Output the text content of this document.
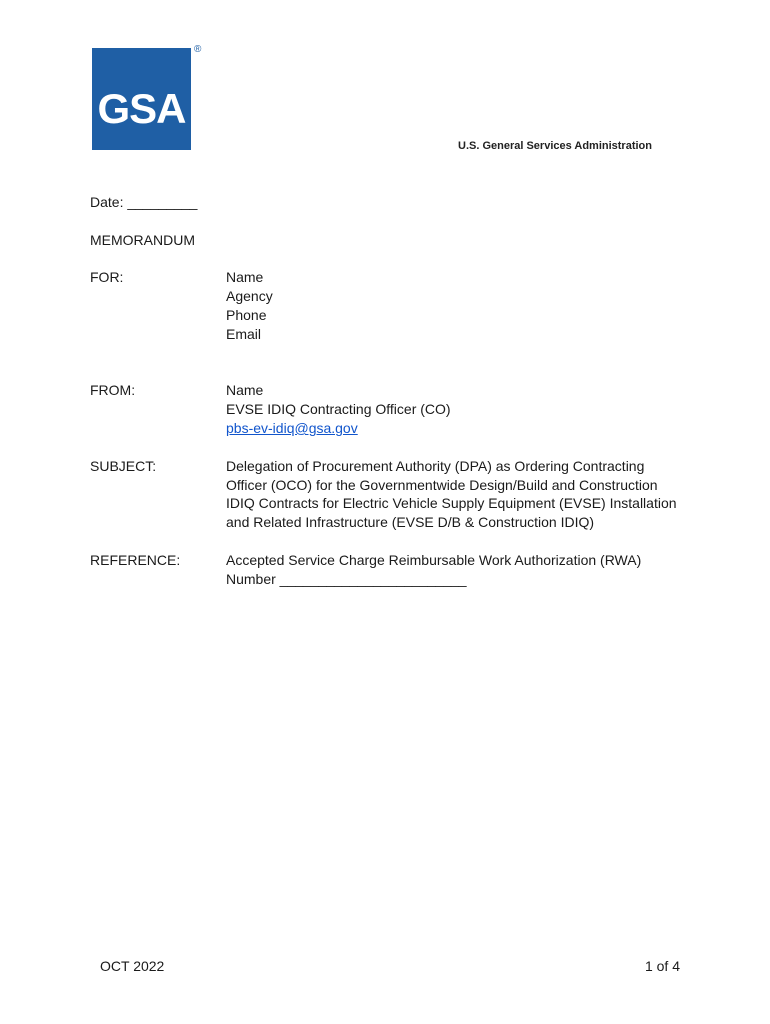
GSA
®
U.S. General Services Administration
Date: _________
MEMORANDUM
FOR:	Name
Agency
Phone
Email
FROM:	Name
EVSE IDIQ Contracting Officer (CO)
pbs-ev-idiq@gsa.gov
SUBJECT:	Delegation of Procurement Authority (DPA) as Ordering Contracting
Officer (OCO) for the Governmentwide Design/Build and Construction
IDIQ Contracts for Electric Vehicle Supply Equipment (EVSE) Installation
and Related Infrastructure (EVSE D/B & Construction IDIQ)
REFERENCE:	Accepted Service Charge Reimbursable Work Authorization (RWA)
Number ________________________
OCT 2022	1 of 4
